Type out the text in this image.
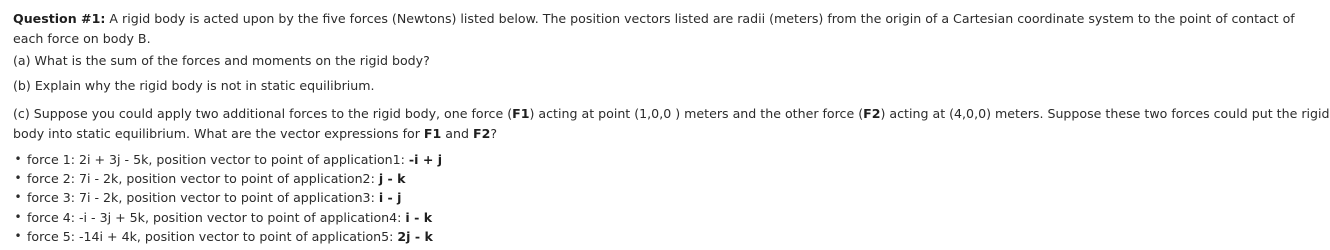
Question #1: A rigid body is acted upon by the five forces (Newtons) listed below. The position vectors listed are radii (meters) from the origin of a Cartesian coordinate system to the point of contact of
each force on body B.
(a) What is the sum of the forces and moments on the rigid body?
(b) Explain why the rigid body is not in static equilibrium.
(c) Suppose you could apply two additional forces to the rigid body, one force (F1) acting at point (1,0,0 ) meters and the other force (F2) acting at (4,0,0) meters. Suppose these two forces could put the rigid
body into static equilibrium. What are the vector expressions for F1 and F2?
• force 1: 2i + 3j - 5k, position vector to point of application1: -i + j
• force 2: 7i - 2k, position vector to point of application2: j - k
• force 3: 7i - 2k, position vector to point of application3: i - j
• force 4: -i - 3j + 5k, position vector to point of application4: i - k
• force 5: -14i + 4k, position vector to point of application5: 2j - k
